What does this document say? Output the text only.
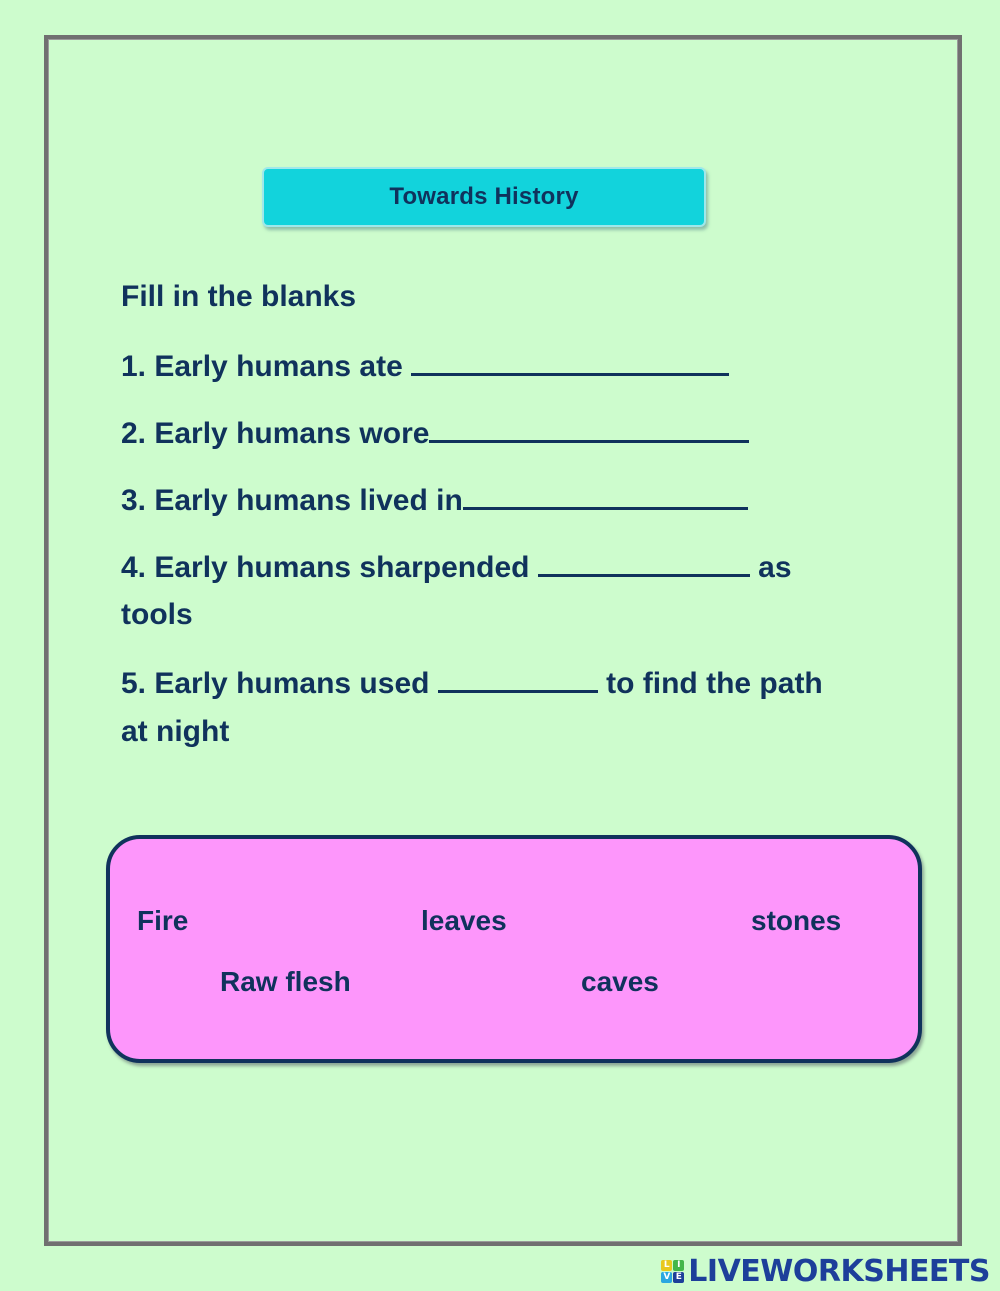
Towards History
Fill in the blanks
1. Early humans ate
2. Early humans wore
3. Early humans lived in
4. Early humans sharpended	as
tools
5. Early humans used	to find the path
at night
Fire	leaves	stones
Raw flesh	caves
L I
V E LIVEWORKSHEETS
